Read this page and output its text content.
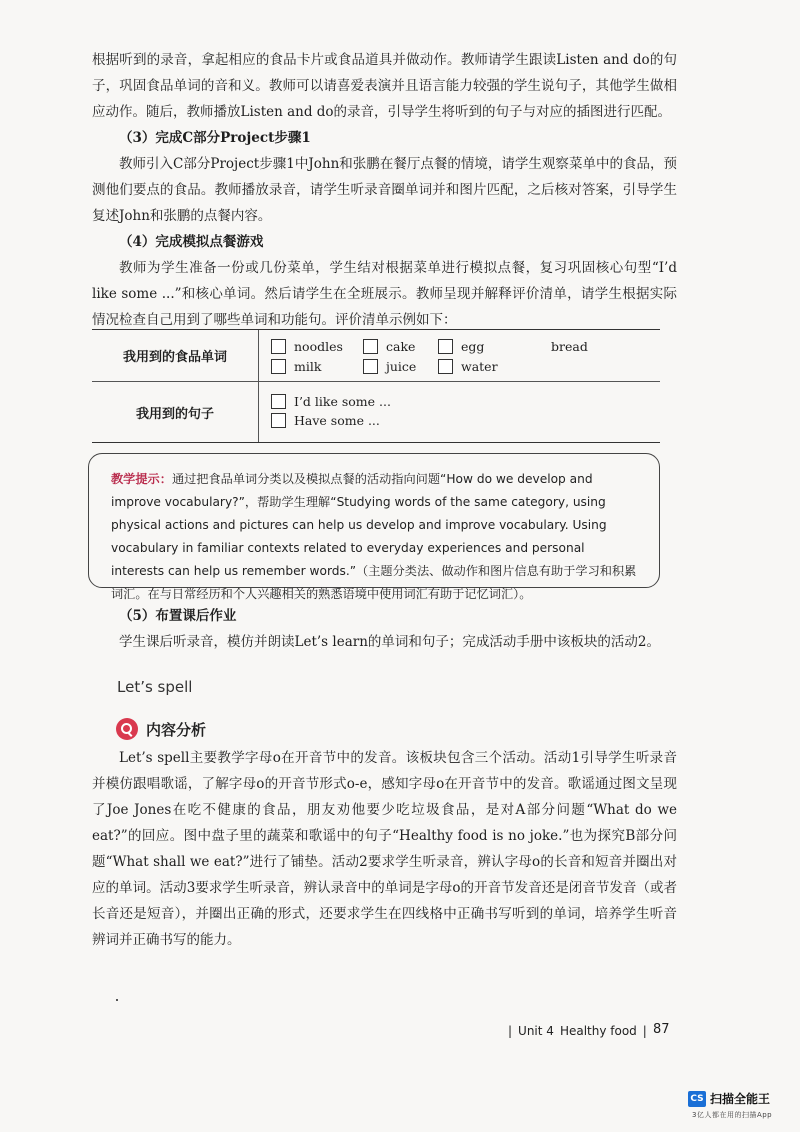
根据听到的录音，拿起相应的食品卡片或食品道具并做动作。教师请学生跟读Listen and do的句子，巩固食品单词的音和义。教师可以请喜爱表演并且语言能力较强的学生说句子，其他学生做相应动作。随后，教师播放Listen and do的录音，引导学生将听到的句子与对应的插图进行匹配。

（3）完成C部分Project步骤1

教师引入C部分Project步骤1中John和张鹏在餐厅点餐的情境，请学生观察菜单中的食品，预测他们要点的食品。教师播放录音，请学生听录音圈单词并和图片匹配，之后核对答案，引导学生复述John和张鹏的点餐内容。

（4）完成模拟点餐游戏

教师为学生准备一份或几份菜单，学生结对根据菜单进行模拟点餐，复习巩固核心句型“I’d like some ...”和核心单词。然后请学生在全班展示。教师呈现并解释评价清单，请学生根据实际情况检查自己用到了哪些单词和功能句。评价清单示例如下：

我用到的食品单词
noodles	cake	egg	bread
milk	juice	water
我用到的句子
I’d like some ...
Have some ...

教学提示：通过把食品单词分类以及模拟点餐的活动指向问题“How do we develop and improve vocabulary?”，帮助学生理解“Studying words of the same category, using physical actions and pictures can help us develop and improve vocabulary. Using vocabulary in familiar contexts related to everyday experiences and personal interests can help us remember words.”（主题分类法、做动作和图片信息有助于学习和积累词汇。在与日常经历和个人兴趣相关的熟悉语境中使用词汇有助于记忆词汇）。

（5）布置课后作业

学生课后听录音，模仿并朗读Let’s learn的单词和句子；完成活动手册中该板块的活动2。

Let’s spell

内容分析

Let’s spell主要教学字母o在开音节中的发音。该板块包含三个活动。活动1引导学生听录音并模仿跟唱歌谣，了解字母o的开音节形式o-e，感知字母o在开音节中的发音。歌谣通过图文呈现了Joe Jones在吃不健康的食品，朋友劝他要少吃垃圾食品，是对A部分问题“What do we eat?”的回应。图中盘子里的蔬菜和歌谣中的句子“Healthy food is no joke.”也为探究B部分问题“What shall we eat?”进行了铺垫。活动2要求学生听录音，辨认字母o的长音和短音并圈出对应的单词。活动3要求学生听录音，辨认录音中的单词是字母o的开音节发音还是闭音节发音（或者长音还是短音），并圈出正确的形式，还要求学生在四线格中正确书写听到的单词，培养学生听音辨词并正确书写的能力。

| Unit 4 Healthy food | 87
CS 扫描全能王
3亿人都在用的扫描App
